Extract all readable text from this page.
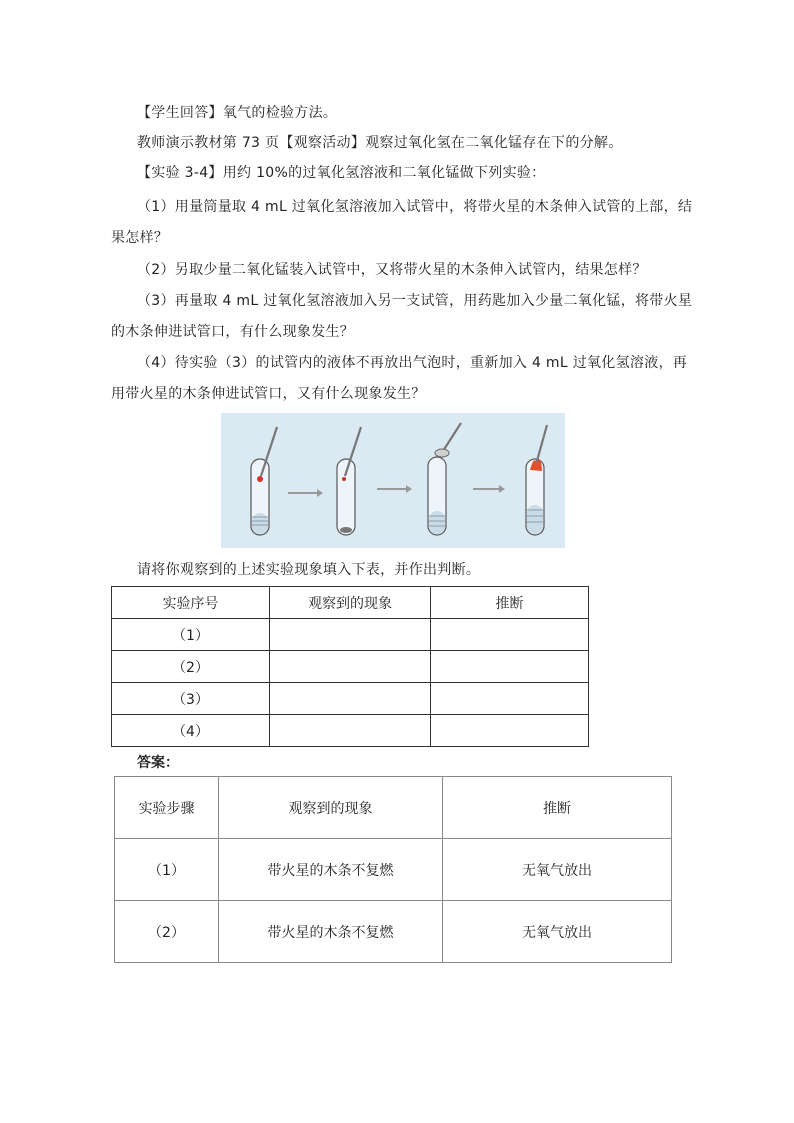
【学生回答】氧气的检验方法。
教师演示教材第 73 页【观察活动】观察过氧化氢在二氧化锰存在下的分解。
【实验 3-4】用约 10%的过氧化氢溶液和二氧化锰做下列实验：
（1）用量筒量取 4 mL 过氧化氢溶液加入试管中，将带火星的木条伸入试管的上部，结
果怎样？
（2）另取少量二氧化锰装入试管中，又将带火星的木条伸入试管内，结果怎样？
（3）再量取 4 mL 过氧化氢溶液加入另一支试管，用药匙加入少量二氧化锰，将带火星
的木条伸进试管口，有什么现象发生？
（4）待实验（3）的试管内的液体不再放出气泡时，重新加入 4 mL 过氧化氢溶液，再
用带火星的木条伸进试管口，又有什么现象发生？
请将你观察到的上述实验现象填入下表，并作出判断。
实验序号	观察到的现象	推断
（1）		
（2）		
（3）		
（4）		
答案：
实验步骤	观察到的现象	推断
（1）	带火星的木条不复燃	无氧气放出
（2）	带火星的木条不复燃	无氧气放出
